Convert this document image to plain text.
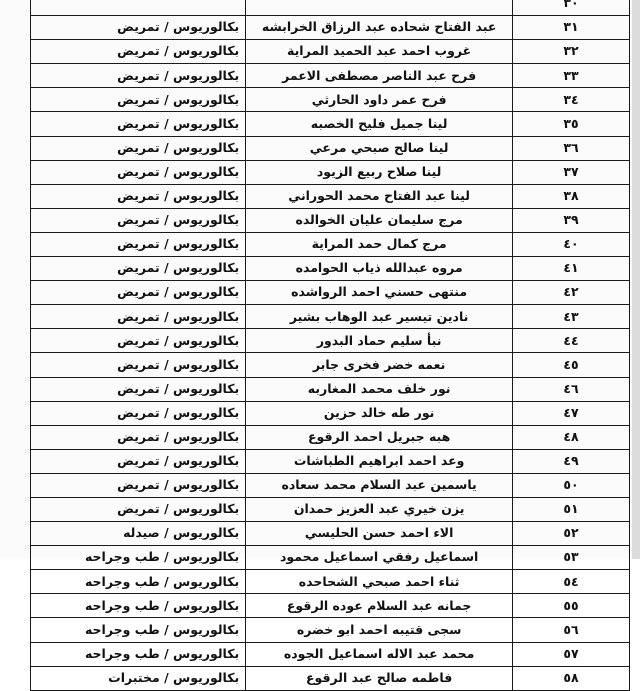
		٣٠
بكالوريوس / تمريض	عبد الفتاح شحاده عبد الرزاق الخرابشه	٣١
بكالوريوس / تمريض	غروب احمد عبد الحميد المراية	٣٢
بكالوريوس / تمريض	فرح عبد الناصر مصطفى الاعمر	٣٣
بكالوريوس / تمريض	فرح عمر داود الحارثي	٣٤
بكالوريوس / تمريض	لينا جميل فليح الخصبه	٣٥
بكالوريوس / تمريض	لينا صالح صبحي مرعي	٣٦
بكالوريوس / تمريض	لينا صلاح ربيع الزيود	٣٧
بكالوريوس / تمريض	لينا عبد الفتاح محمد الحوراني	٣٨
بكالوريوس / تمريض	مرج سليمان عليان الخوالده	٣٩
بكالوريوس / تمريض	مرج كمال حمد المراية	٤٠
بكالوريوس / تمريض	مروه عبدالله ذياب الحوامده	٤١
بكالوريوس / تمريض	منتهى حسني احمد الرواشده	٤٢
بكالوريوس / تمريض	نادين تيسير عبد الوهاب بشير	٤٣
بكالوريوس / تمريض	نبأ سليم حماد البدور	٤٤
بكالوريوس / تمريض	نعمه خضر فخرى جابر	٤٥
بكالوريوس / تمريض	نور خلف محمد المغاربه	٤٦
بكالوريوس / تمريض	نور طه خالد حزين	٤٧
بكالوريوس / تمريض	هبه جبريل احمد الرقوع	٤٨
بكالوريوس / تمريض	وعد احمد ابراهيم الطباشات	٤٩
بكالوريوس / تمريض	ياسمين عبد السلام محمد سعاده	٥٠
بكالوريوس / تمريض	يزن خيري عبد العزيز حمدان	٥١
بكالوريوس / صيدله	الاء احمد حسن الحليسي	٥٢
بكالوريوس / طب وجراحه	اسماعيل رفقي اسماعيل محمود	٥٣
بكالوريوس / طب وجراحه	ثناء احمد صبحي الشحاحده	٥٤
بكالوريوس / طب وجراحه	جمانه عبد السلام عوده الرقوع	٥٥
بكالوريوس / طب وجراحه	سجى قتيبه احمد ابو خضره	٥٦
بكالوريوس / طب وجراحه	محمد عبد الاله اسماعيل الجوده	٥٧
بكالوريوس / مختبرات	فاطمه صالح عبد الرقوع	٥٨
